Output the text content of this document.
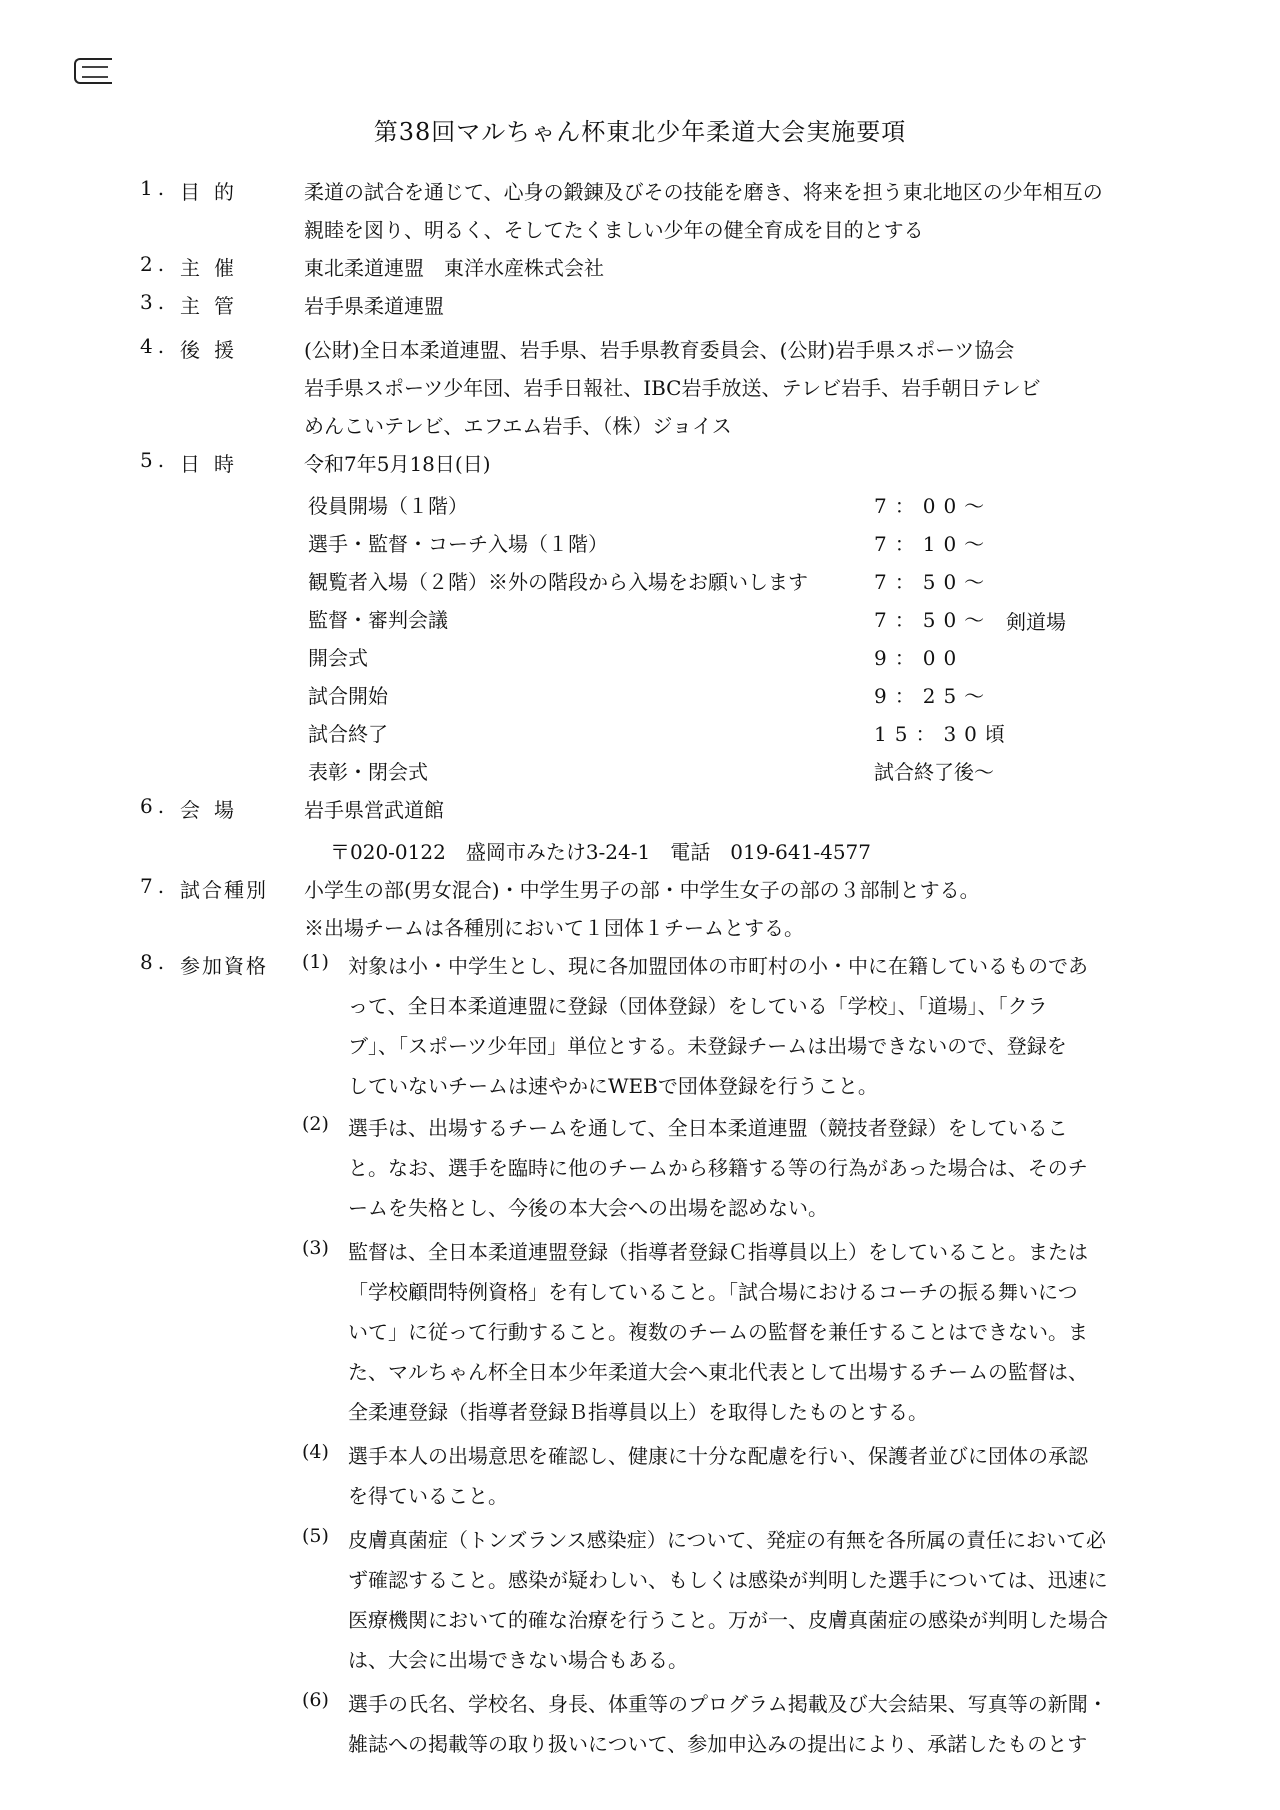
第38回マルちゃん杯東北少年柔道大会実施要項
1. 目的	柔道の試合を通じて、心身の鍛錬及びその技能を磨き、将来を担う東北地区の少年相互の
親睦を図り、明るく、そしてたくましい少年の健全育成を目的とする
2. 主催	東北柔道連盟　東洋水産株式会社
3. 主管	岩手県柔道連盟
4. 後援	(公財)全日本柔道連盟、岩手県、岩手県教育委員会、(公財)岩手県スポーツ協会
岩手県スポーツ少年団、岩手日報社、IBC岩手放送、テレビ岩手、岩手朝日テレビ
めんこいテレビ、エフエム岩手、（株）ジョイス
5. 日時	令和7年5月18日(日)
役員開場（１階）	7：00～
選手・監督・コーチ入場（１階）	7：10～
観覧者入場（２階）※外の階段から入場をお願いします	7：50～
監督・審判会議	7：50～ 剣道場
開会式	9：00
試合開始	9：25～
試合終了	15：30頃
表彰・閉会式	試合終了後～
6. 会場	岩手県営武道館
〒020-0122　盛岡市みたけ3-24-1　電話　019-641-4577
7. 試合種別 小学生の部(男女混合)・中学生男子の部・中学生女子の部の３部制とする。
※出場チームは各種別において１団体１チームとする。
8. 参加資格 (1) 対象は小・中学生とし、現に各加盟団体の市町村の小・中に在籍しているものであ
って、全日本柔道連盟に登録（団体登録）をしている「学校」、「道場」、「クラ
ブ」、「スポーツ少年団」単位とする。未登録チームは出場できないので、登録を
していないチームは速やかにWEBで団体登録を行うこと。
(2) 選手は、出場するチームを通して、全日本柔道連盟（競技者登録）をしているこ
と。なお、選手を臨時に他のチームから移籍する等の行為があった場合は、そのチ
ームを失格とし、今後の本大会への出場を認めない。
(3) 監督は、全日本柔道連盟登録（指導者登録Ｃ指導員以上）をしていること。または
「学校顧問特例資格」を有していること。「試合場におけるコーチの振る舞いにつ
いて」に従って行動すること。複数のチームの監督を兼任することはできない。ま
た、マルちゃん杯全日本少年柔道大会へ東北代表として出場するチームの監督は、
全柔連登録（指導者登録Ｂ指導員以上）を取得したものとする。
(4) 選手本人の出場意思を確認し、健康に十分な配慮を行い、保護者並びに団体の承認
を得ていること。
(5) 皮膚真菌症（トンズランス感染症）について、発症の有無を各所属の責任において必
ず確認すること。感染が疑わしい、もしくは感染が判明した選手については、迅速に
医療機関において的確な治療を行うこと。万が一、皮膚真菌症の感染が判明した場合
は、大会に出場できない場合もある。
(6) 選手の氏名、学校名、身長、体重等のプログラム掲載及び大会結果、写真等の新聞・
雑誌への掲載等の取り扱いについて、参加申込みの提出により、承諾したものとす
